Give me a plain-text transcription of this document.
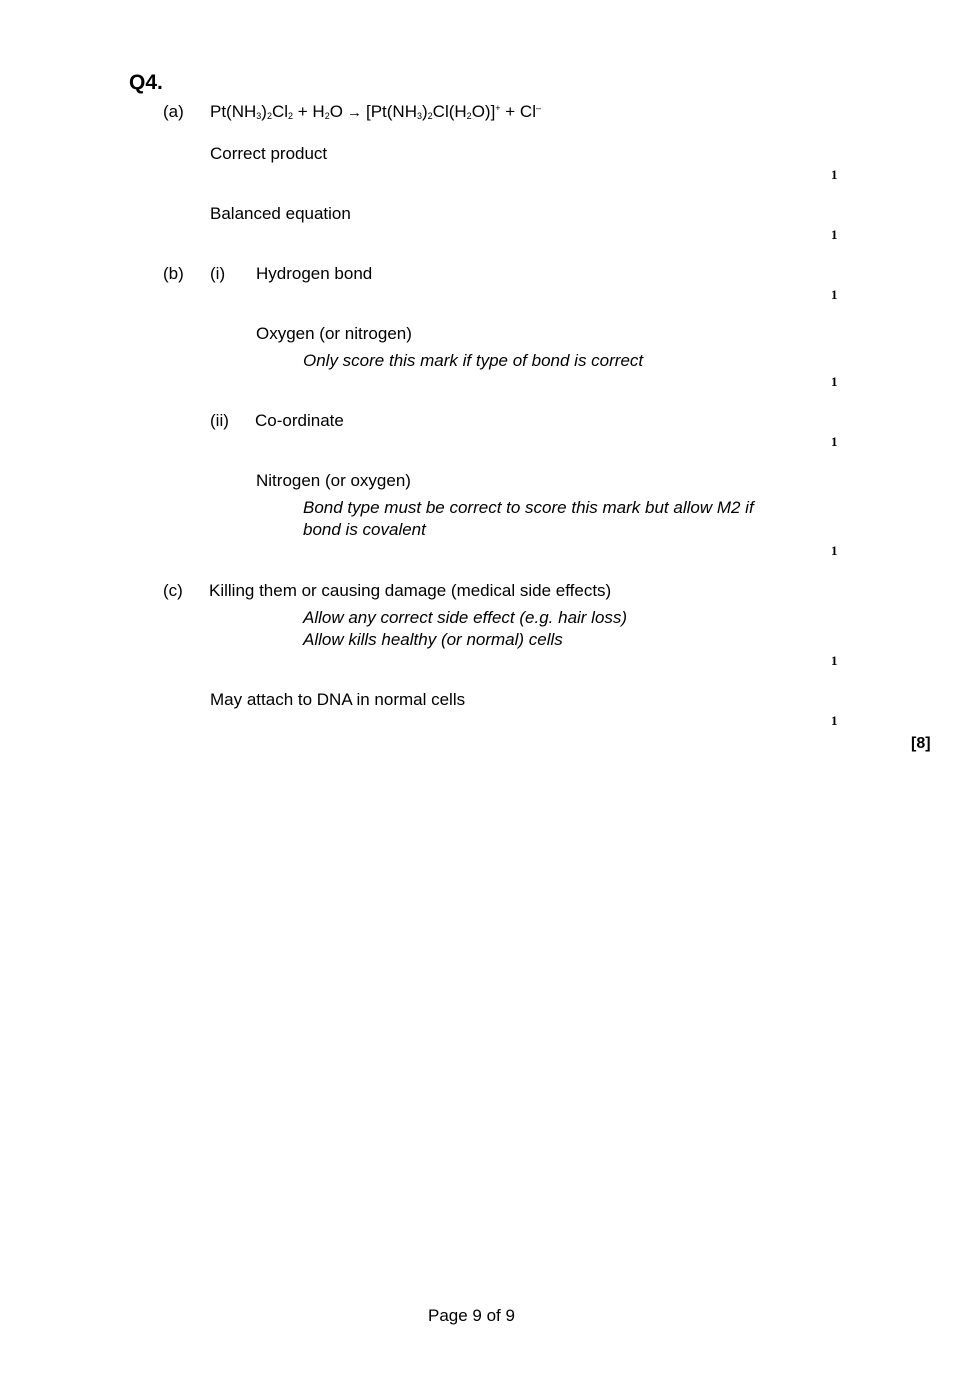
Q4.
(a) $Pt(NH_3)_2Cl_2 + H_2O \to [Pt(NH_3)_2Cl(H_2O)]^+ + Cl^-$
Correct product
1
Balanced equation
1
(b) (i) Hydrogen bond
1
Oxygen (or nitrogen)
Only score this mark if type of bond is correct
1
(ii) Co-ordinate
1
Nitrogen (or oxygen)
Bond type must be correct to score this mark but allow M2 if
bond is covalent
1
(c) Killing them or causing damage (medical side effects)
Allow any correct side effect (e.g. hair loss)
Allow kills healthy (or normal) cells
1
May attach to DNA in normal cells
1
[8]
Page 9 of 9
